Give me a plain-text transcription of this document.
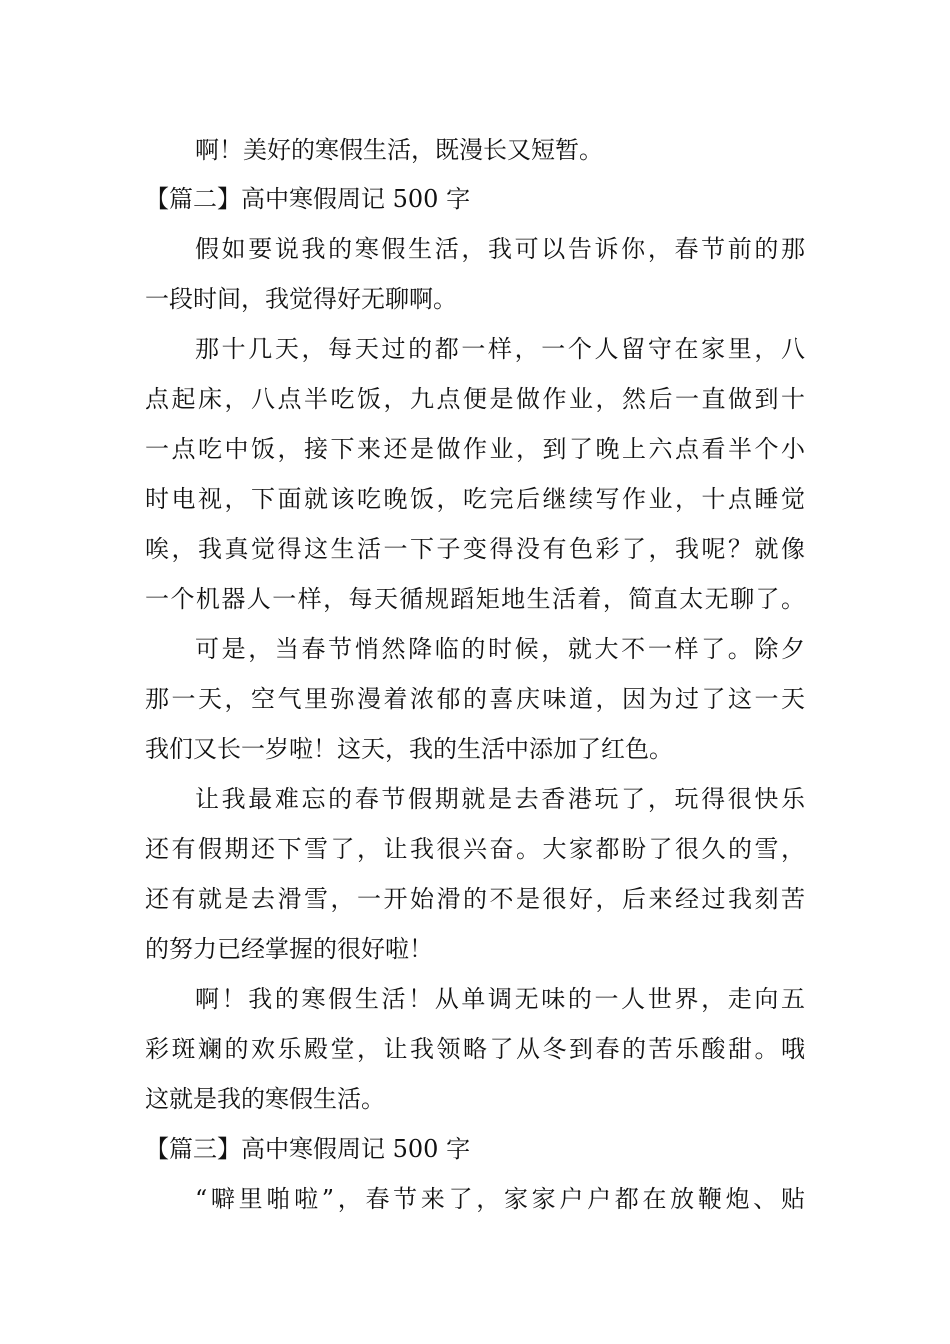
啊！美好的寒假生活，既漫长又短暂。
【篇二】高中寒假周记 500 字
假如要说我的寒假生活，我可以告诉你，春节前的那
一段时间，我觉得好无聊啊。
那十几天，每天过的都一样，一个人留守在家里，八
点起床，八点半吃饭，九点便是做作业，然后一直做到十
一点吃中饭，接下来还是做作业，到了晚上六点看半个小
时电视，下面就该吃晚饭，吃完后继续写作业，十点睡觉
唉，我真觉得这生活一下子变得没有色彩了，我呢？就像
一个机器人一样，每天循规蹈矩地生活着，简直太无聊了。
可是，当春节悄然降临的时候，就大不一样了。除夕
那一天，空气里弥漫着浓郁的喜庆味道，因为过了这一天
我们又长一岁啦！这天，我的生活中添加了红色。
让我最难忘的春节假期就是去香港玩了，玩得很快乐
还有假期还下雪了，让我很兴奋。大家都盼了很久的雪，
还有就是去滑雪，一开始滑的不是很好，后来经过我刻苦
的努力已经掌握的很好啦！
啊！我的寒假生活！从单调无味的一人世界，走向五
彩斑斓的欢乐殿堂，让我领略了从冬到春的苦乐酸甜。哦
这就是我的寒假生活。
【篇三】高中寒假周记 500 字
“噼里啪啦”，春节来了，家家户户都在放鞭炮、贴
